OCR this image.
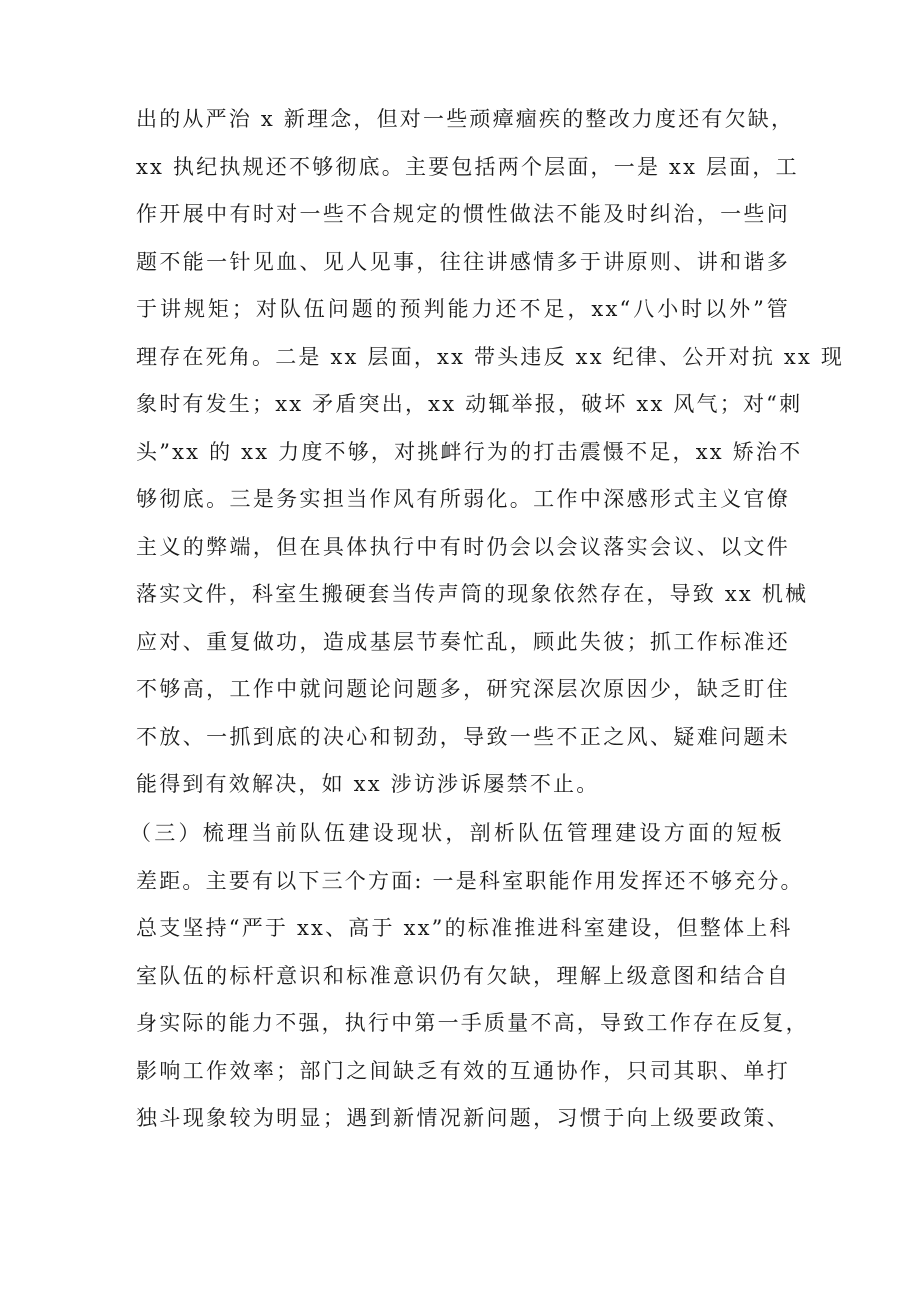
出的从严治 x 新理念，但对一些顽瘴痼疾的整改力度还有欠缺，
xx 执纪执规还不够彻底。主要包括两个层面，一是 xx 层面，工
作开展中有时对一些不合规定的惯性做法不能及时纠治，一些问
题不能一针见血、见人见事，往往讲感情多于讲原则、讲和谐多
于讲规矩；对队伍问题的预判能力还不足，xx“八小时以外”管
理存在死角。二是 xx 层面，xx 带头违反 xx 纪律、公开对抗 xx 现
象时有发生；xx 矛盾突出，xx 动辄举报，破坏 xx 风气；对“刺
头”xx 的 xx 力度不够，对挑衅行为的打击震慑不足，xx 矫治不
够彻底。三是务实担当作风有所弱化。工作中深感形式主义官僚
主义的弊端，但在具体执行中有时仍会以会议落实会议、以文件
落实文件，科室生搬硬套当传声筒的现象依然存在，导致 xx 机械
应对、重复做功，造成基层节奏忙乱，顾此失彼；抓工作标准还
不够高，工作中就问题论问题多，研究深层次原因少，缺乏盯住
不放、一抓到底的决心和韧劲，导致一些不正之风、疑难问题未
能得到有效解决，如 xx 涉访涉诉屡禁不止。
（三）梳理当前队伍建设现状，剖析队伍管理建设方面的短板
差距。主要有以下三个方面: 一是科室职能作用发挥还不够充分。
总支坚持“严于 xx、高于 xx”的标准推进科室建设，但整体上科
室队伍的标杆意识和标准意识仍有欠缺，理解上级意图和结合自
身实际的能力不强，执行中第一手质量不高，导致工作存在反复，
影响工作效率；部门之间缺乏有效的互通协作，只司其职、单打
独斗现象较为明显；遇到新情况新问题，习惯于向上级要政策、
